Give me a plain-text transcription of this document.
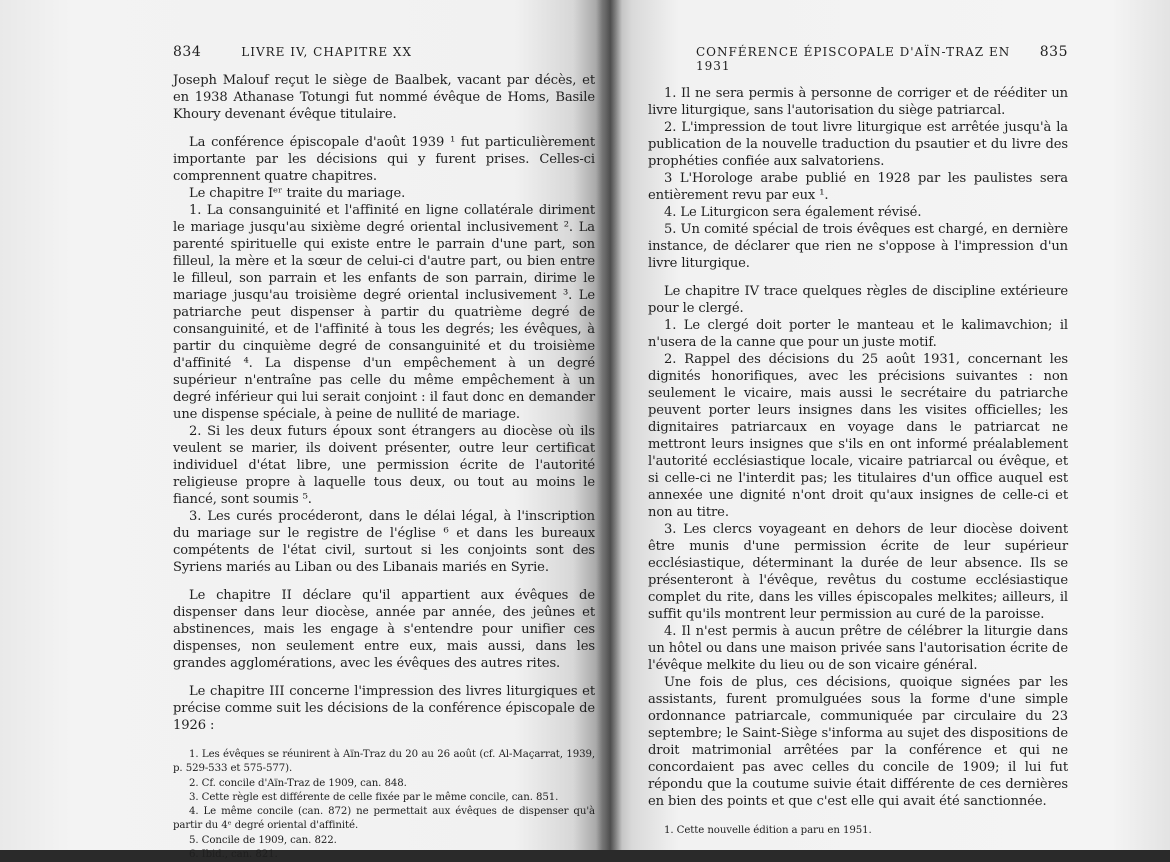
834	LIVRE IV, CHAPITRE XX

Joseph Malouf reçut le siège de Baalbek, vacant par décès, et en 1938 Athanase Totungi fut nommé évêque de Homs, Basile Khoury devenant évêque titulaire.

La conférence épiscopale d'août 1939 ¹ fut particulièrement importante par les décisions qui y furent prises. Celles-ci comprennent quatre chapitres.

Le chapitre Iᵉʳ traite du mariage.

1. La consanguinité et l'affinité en ligne collatérale diriment le mariage jusqu'au sixième degré oriental inclusivement ². La parenté spirituelle qui existe entre le parrain d'une part, son filleul, la mère et la sœur de celui-ci d'autre part, ou bien entre le filleul, son parrain et les enfants de son parrain, dirime le mariage jusqu'au troisième degré oriental inclusivement ³. Le patriarche peut dispenser à partir du quatrième degré de consanguinité, et de l'affinité à tous les degrés; les évêques, à partir du cinquième degré de consanguinité et du troisième d'affinité ⁴. La dispense d'un empêchement à un degré supérieur n'entraîne pas celle du même empêchement à un degré inférieur qui lui serait conjoint : il faut donc en demander une dispense spéciale, à peine de nullité de mariage.

2. Si les deux futurs époux sont étrangers au diocèse où ils veulent se marier, ils doivent présenter, outre leur certificat individuel d'état libre, une permission écrite de l'autorité religieuse propre à laquelle tous deux, ou tout au moins le fiancé, sont soumis ⁵.

3. Les curés procéderont, dans le délai légal, à l'inscription du mariage sur le registre de l'église ⁶ et dans les bureaux compétents de l'état civil, surtout si les conjoints sont des Syriens mariés au Liban ou des Libanais mariés en Syrie.

Le chapitre II déclare qu'il appartient aux évêques de dispenser dans leur diocèse, année par année, des jeûnes et abstinences, mais les engage à s'entendre pour unifier ces dispenses, non seulement entre eux, mais aussi, dans les grandes agglomérations, avec les évêques des autres rites.

Le chapitre III concerne l'impression des livres liturgiques et précise comme suit les décisions de la conférence épiscopale de 1926 :

1. Les évêques se réunirent à Aïn-Traz du 20 au 26 août (cf. Al-Maçarrat, 1939, p. 529-533 et 575-577).

2. Cf. concile d'Aïn-Traz de 1909, can. 848.

3. Cette règle est différente de celle fixée par le même concile, can. 851.

4. Le même concile (can. 872) ne permettait aux évêques de dispenser qu'à partir du 4ᵉ degré oriental d'affinité.

5. Concile de 1909, can. 822.

6. Ibid., can. 821.

CONFÉRENCE ÉPISCOPALE D'AÏN-TRAZ EN 1931
835

1. Il ne sera permis à personne de corriger et de rééditer un livre liturgique, sans l'autorisation du siège patriarcal.

2. L'impression de tout livre liturgique est arrêtée jusqu'à la publication de la nouvelle traduction du psautier et du livre des prophéties confiée aux salvatoriens.

3 L'Horologe arabe publié en 1928 par les paulistes sera entièrement revu par eux ¹.

4. Le Liturgicon sera également révisé.

5. Un comité spécial de trois évêques est chargé, en dernière instance, de déclarer que rien ne s'oppose à l'impression d'un livre liturgique.

Le chapitre IV trace quelques règles de discipline extérieure pour le clergé.

1. Le clergé doit porter le manteau et le kalimavchion; il n'usera de la canne que pour un juste motif.

2. Rappel des décisions du 25 août 1931, concernant les dignités honorifiques, avec les précisions suivantes : non seulement le vicaire, mais aussi le secrétaire du patriarche peuvent porter leurs insignes dans les visites officielles; les dignitaires patriarcaux en voyage dans le patriarcat ne mettront leurs insignes que s'ils en ont informé préalablement l'autorité ecclésiastique locale, vicaire patriarcal ou évêque, et si celle-ci ne l'interdit pas; les titulaires d'un office auquel est annexée une dignité n'ont droit qu'aux insignes de celle-ci et non au titre.

3. Les clercs voyageant en dehors de leur diocèse doivent être munis d'une permission écrite de leur supérieur ecclésiastique, déterminant la durée de leur absence. Ils se présenteront à l'évêque, revêtus du costume ecclésiastique complet du rite, dans les villes épiscopales melkites; ailleurs, il suffit qu'ils montrent leur permission au curé de la paroisse.

4. Il n'est permis à aucun prêtre de célébrer la liturgie dans un hôtel ou dans une maison privée sans l'autorisation écrite de l'évêque melkite du lieu ou de son vicaire général.

Une fois de plus, ces décisions, quoique signées par les assistants, furent promulguées sous la forme d'une simple ordonnance patriarcale, communiquée par circulaire du 23 septembre; le Saint-Siège s'informa au sujet des dispositions de droit matrimonial arrêtées par la conférence et qui ne concordaient pas avec celles du concile de 1909; il lui fut répondu que la coutume suivie était différente de ces dernières en bien des points et que c'est elle qui avait été sanctionnée.

1. Cette nouvelle édition a paru en 1951.
